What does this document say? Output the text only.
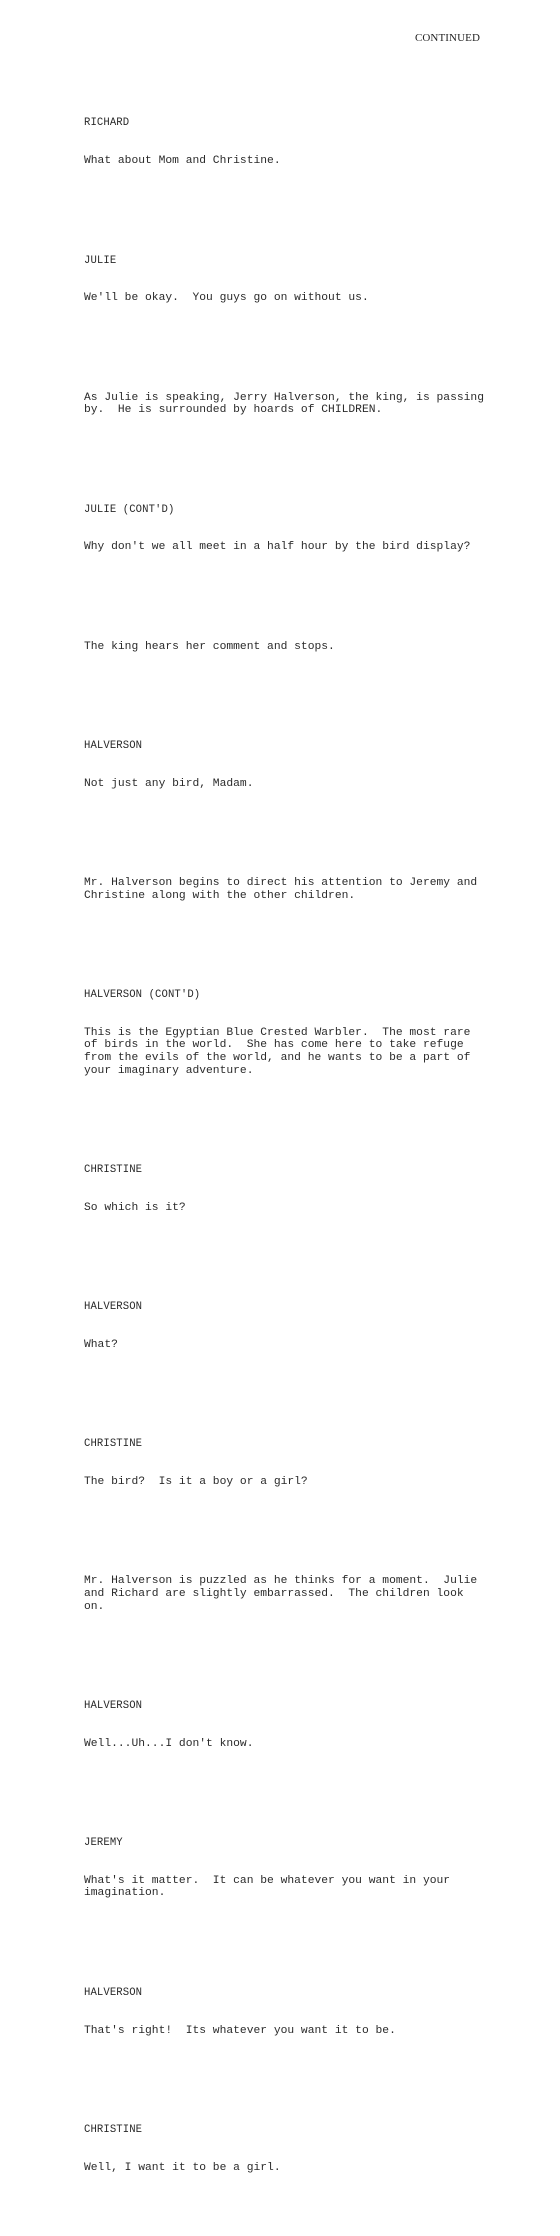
CONTINUED

RICHARD

What about Mom and Christine.

JULIE

We'll be okay.  You guys go on without us.

As Julie is speaking, Jerry Halverson, the king, is passing
by.  He is surrounded by hoards of CHILDREN.

JULIE (CONT'D)

Why don't we all meet in a half hour by the bird display?

The king hears her comment and stops.

HALVERSON

Not just any bird, Madam.

Mr. Halverson begins to direct his attention to Jeremy and
Christine along with the other children.

HALVERSON (CONT'D)

This is the Egyptian Blue Crested Warbler.  The most rare
of birds in the world.  She has come here to take refuge
from the evils of the world, and he wants to be a part of
your imaginary adventure.

CHRISTINE

So which is it?

HALVERSON

What?

CHRISTINE

The bird?  Is it a boy or a girl?

Mr. Halverson is puzzled as he thinks for a moment.  Julie
and Richard are slightly embarrassed.  The children look
on.

HALVERSON

Well...Uh...I don't know.

JEREMY

What's it matter.  It can be whatever you want in your
imagination.

HALVERSON

That's right!  Its whatever you want it to be.

CHRISTINE

Well, I want it to be a girl.
